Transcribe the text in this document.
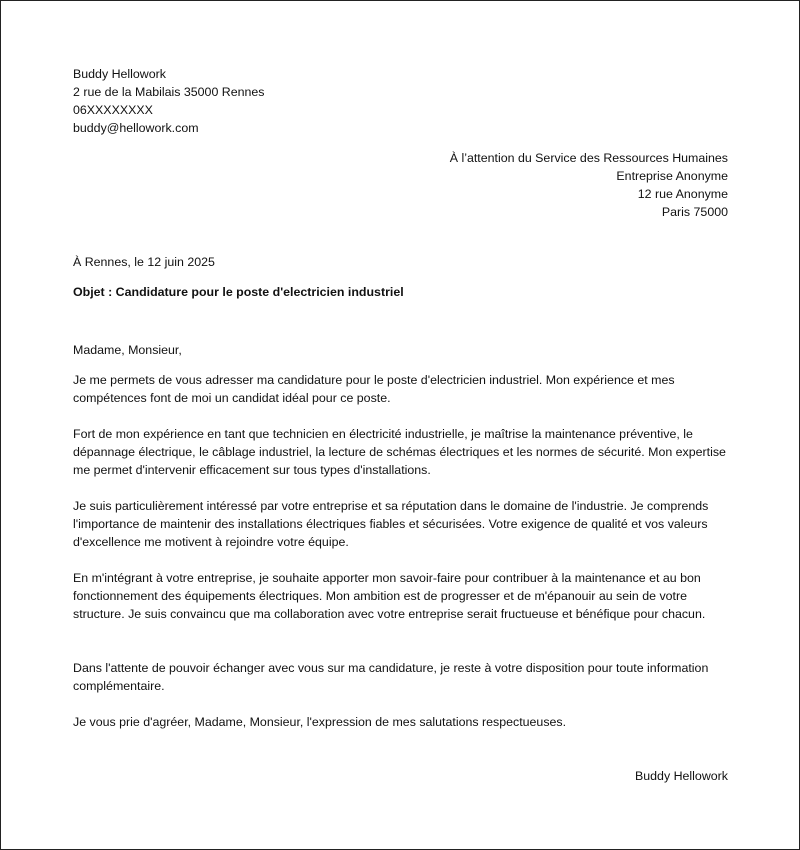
Buddy Hellowork
2 rue de la Mabilais 35000 Rennes
06XXXXXXXX
buddy@hellowork.com
À l’attention du Service des Ressources Humaines
Entreprise Anonyme
12 rue Anonyme
Paris 75000
À Rennes, le 12 juin 2025
Objet : Candidature pour le poste d'electricien industriel
Madame, Monsieur,
Je me permets de vous adresser ma candidature pour le poste d'electricien industriel. Mon expérience et mes compétences font de moi un candidat idéal pour ce poste.
Fort de mon expérience en tant que technicien en électricité industrielle, je maîtrise la maintenance préventive, le dépannage électrique, le câblage industriel, la lecture de schémas électriques et les normes de sécurité. Mon expertise me permet d'intervenir efficacement sur tous types d'installations.
Je suis particulièrement intéressé par votre entreprise et sa réputation dans le domaine de l'industrie. Je comprends l'importance de maintenir des installations électriques fiables et sécurisées. Votre exigence de qualité et vos valeurs d'excellence me motivent à rejoindre votre équipe.
En m'intégrant à votre entreprise, je souhaite apporter mon savoir-faire pour contribuer à la maintenance et au bon fonctionnement des équipements électriques. Mon ambition est de progresser et de m'épanouir au sein de votre structure. Je suis convaincu que ma collaboration avec votre entreprise serait fructueuse et bénéfique pour chacun.
Dans l'attente de pouvoir échanger avec vous sur ma candidature, je reste à votre disposition pour toute information complémentaire.
Je vous prie d'agréer, Madame, Monsieur, l'expression de mes salutations respectueuses.
Buddy Hellowork
